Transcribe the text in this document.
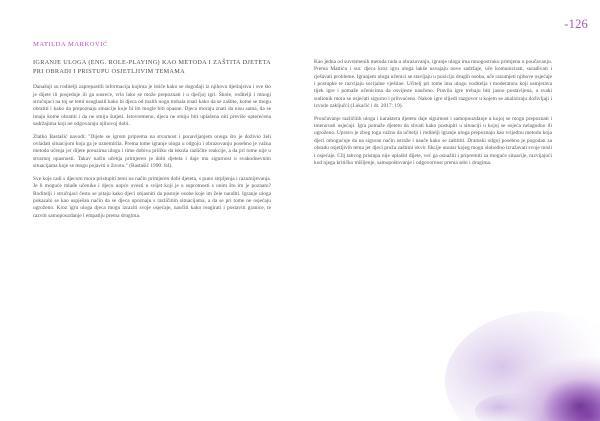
-126
MATILDA MARKOVIĆ
IGRANJE ULOGA (ENG. ROLE-PLAYING) KAO METODA I ZAŠTITA DJETETA PRI OBRADI I PRISTUPU OSJETLJIVIM TEMAMA

Današnji su roditelji zaprepastili informacija kojima je ističe kako se dogođaji iz njihova djetinjstva i sve što je dijete ili posjeduje ili ga susreće, vrlo lako se može prepoznati i u dječjoj igri. Škole, roditelji i mnogi stručnjaci na toj se temi usuglasili kako bi djeca od malih nogu trebala znati kako da se zaštite, kome se mogu obratiti i kako da prepoznaju situacije koje bi im mogle biti opasne. Djeca moraju znati da nisu sama, da se imaju kome obratiti i da ne smiju šutjeti. Istovremeno, djeca ne smiju biti uplašena niti previše opterećena sadržajima koji ne odgovaraju njihovoj dobi.

Zlatko Bastašić navodi: "Dijete se igrom priprema na stvarnost i ponavljanjem onoga što je doživio želi ovladati situacijom koja ga je uznemirila. Prema tome igranje uloga u odgoju i obrazovanju posebno je važna metoda učenja jer dijete preuzima ulogu i time dobiva priliku da iskuša različite reakcije, a da pri tome nije u stvarnoj opasnosti. Takav način učenja primjeren je dobi djeteta i daje mu sigurnost u svakodnevnim situacijama koje se mogu pojaviti u životu." (Bastašić 1990: 84).

Sve koje radi s djecom mora pristupiti temi na način primjeren dobi djeteta, s puno strpljenja i razumijevanja. Je li moguće mlađe učenike i djecu uopće uvesti u svijet koji je u suprotnosti s onim što im je poznato? Roditelji i stručnjaci često se pitaju kako djeci objasniti da postoje osobe koje im žele nauditi. Igranje uloga pokazalo se kao uspješan način da se djeca upoznaju s različitim situacijama, a da se pri tome ne osjećaju ugroženo. Kroz igru uloga djeca mogu izraziti svoje osjećaje, naučiti kako reagirati i postaviti granice, te razviti samopouzdanje i empatiju prema drugima.

Kao jedna od suvremenih metoda rada u obrazovanju, igranje uloga ima mnogostruku primjenu u poučavanju. Prema Mattiću i sur. djeca kroz igru uloga lakše usvajaju nove sadržaje, uče komunicirati, surađivati i rješavati probleme. Igranjem uloga učenici se stavljaju u poziciju drugih osoba, uče razumjeti njihove osjećaje i postupke te razvijaju socijalne vještine. Učitelj pri tome ima ulogu voditelja i moderatora koji usmjerava tijek igre i pomaže učenicima da osvijeste naučeno. Pravila igre trebaju biti jasno postavljena, a svaki sudionik mora se osjećati sigurno i prihvaćeno. Nakon igre slijedi razgovor u kojem se analiziraju doživljaji i izvode zaključci (Lukačić i dr. 2017: 19).

Proučavanje različitih uloga i karaktera djetetu daje sigurnost i samopouzdanje u kojoj se mogu prepoznati i imenovati osjećaji. Igra pomaže djetetu da shvati kako postupiti u situaciji u kojoj se osjeća nelagodno ili ugroženo. Upravo je zbog toga važno da učitelji i roditelji igranje uloga prepoznaju kao vrijednu metodu koja djeci omogućuje da na siguran način istraže i nauče kako se zaštititi. Dramski odgoj posebno je pogodan za obradu osjetljivih tema jer djeci pruža zaštitni okvir fikcije unutar kojeg mogu slobodno izražavati svoje misli i osjećaje. Cilj takvog pristupa nije uplašiti dijete, već ga osnažiti i pripremiti za moguće situacije, razvijajući kod njega kritičko mišljenje, samopoštovanje i odgovornost prema sebi i drugima.
